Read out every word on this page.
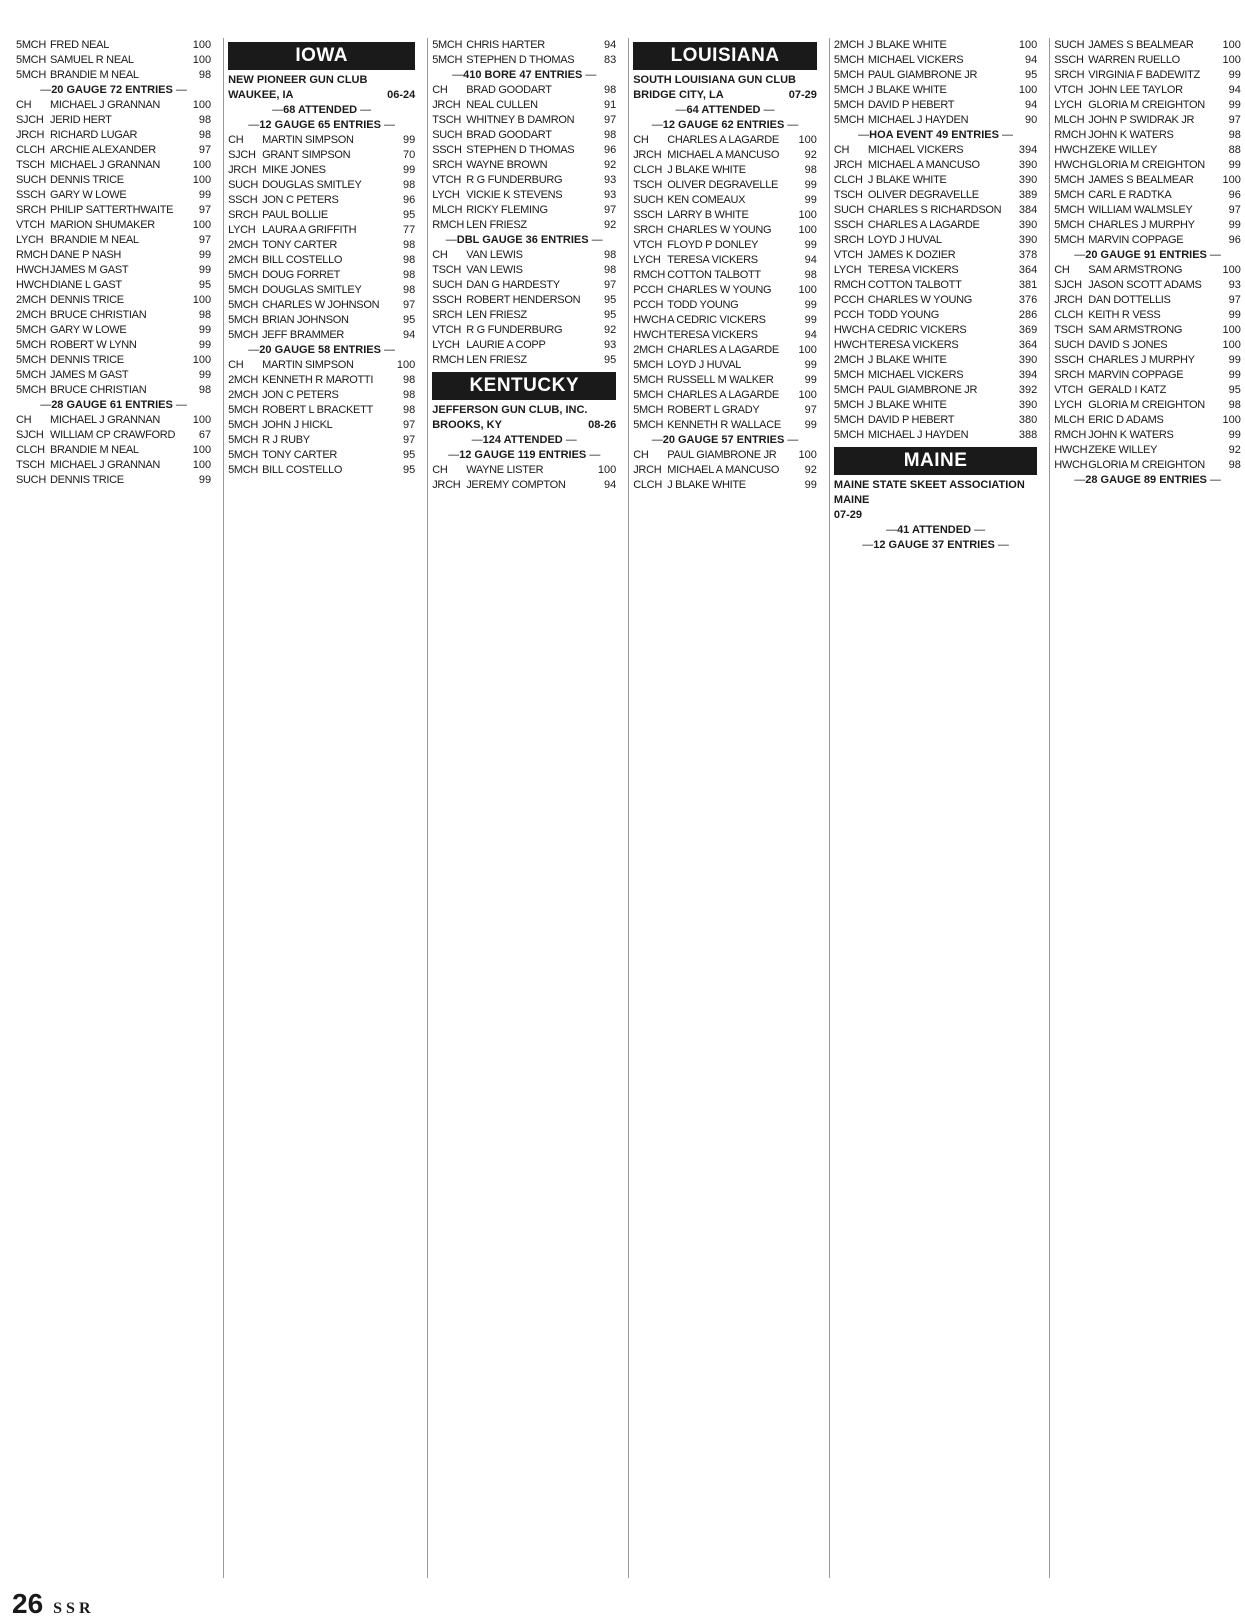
5MCH FRED NEAL	100
5MCH SAMUEL R NEAL	100
5MCH BRANDIE M NEAL	98
— 20 GAUGE 72 ENTRIES —
CH	MICHAEL J GRANNAN	100
SJCH JERID HERT	98
JRCH RICHARD LUGAR	98
CLCH ARCHIE ALEXANDER	97
TSCH MICHAEL J GRANNAN	100
SUCH DENNIS TRICE	100
SSCH GARY W LOWE	99
SRCH PHILIP SATTERTHWAITE	97
VTCH MARION SHUMAKER	100
LYCH BRANDIE M NEAL	97
RMCH DANE P NASH	99
HWCH JAMES M GAST	99
HWCH DIANE L GAST	95
2MCH DENNIS TRICE	100
2MCH BRUCE CHRISTIAN	98
5MCH GARY W LOWE	99
5MCH ROBERT W LYNN	99
5MCH DENNIS TRICE	100
5MCH JAMES M GAST	99
5MCH BRUCE CHRISTIAN	98
— 28 GAUGE 61 ENTRIES —
CH	MICHAEL J GRANNAN	100
SJCH WILLIAM CP CRAWFORD	67
CLCH BRANDIE M NEAL	100
TSCH MICHAEL J GRANNAN	100
SUCH DENNIS TRICE	99
IOWA
NEW PIONEER GUN CLUB
WAUKEE, IA	06-24
— 68 ATTENDED —
— 12 GAUGE 65 ENTRIES —
CH	MARTIN SIMPSON	99
SJCH GRANT SIMPSON	70
JRCH MIKE JONES	99
SUCH DOUGLAS SMITLEY	98
SSCH JON C PETERS	96
SRCH PAUL BOLLIE	95
LYCH LAURA A GRIFFITH	77
2MCH TONY CARTER	98
2MCH BILL COSTELLO	98
5MCH DOUG FORRET	98
5MCH DOUGLAS SMITLEY	98
5MCH CHARLES W JOHNSON	97
5MCH BRIAN JOHNSON	95
5MCH JEFF BRAMMER	94
— 20 GAUGE 58 ENTRIES —
CH	MARTIN SIMPSON	100
2MCH KENNETH R MAROTTI	98
2MCH JON C PETERS	98
5MCH ROBERT L BRACKETT	98
5MCH JOHN J HICKL	97
5MCH R J RUBY	97
5MCH TONY CARTER	95
5MCH BILL COSTELLO	95
5MCH CHRIS HARTER	94
5MCH STEPHEN D THOMAS	83
— 410 BORE 47 ENTRIES —
CH	BRAD GOODART	98
JRCH NEAL CULLEN	91
TSCH WHITNEY B DAMRON	97
SUCH BRAD GOODART	98
SSCH STEPHEN D THOMAS	96
SRCH WAYNE BROWN	92
VTCH R G FUNDERBURG	93
LYCH VICKIE K STEVENS	93
MLCH RICKY FLEMING	97
RMCH LEN FRIESZ	92
— DBL GAUGE 36 ENTRIES —
CH	VAN LEWIS	98
TSCH VAN LEWIS	98
SUCH DAN G HARDESTY	97
SSCH ROBERT HENDERSON	95
SRCH LEN FRIESZ	95
VTCH R G FUNDERBURG	92
LYCH LAURIE A COPP	93
RMCH LEN FRIESZ	95
KENTUCKY
JEFFERSON GUN CLUB, INC.
BROOKS, KY	08-26
— 124 ATTENDED —
— 12 GAUGE 119 ENTRIES —
CH	WAYNE LISTER	100
JRCH JEREMY COMPTON	94
LOUISIANA
SOUTH LOUISIANA GUN CLUB
BRIDGE CITY, LA	07-29
— 64 ATTENDED —
— 12 GAUGE 62 ENTRIES —
CH	CHARLES A LAGARDE	100
JRCH MICHAEL A MANCUSO	92
CLCH J BLAKE WHITE	98
TSCH OLIVER DEGRAVELLE	99
SUCH KEN COMEAUX	99
SSCH LARRY B WHITE	100
SRCH CHARLES W YOUNG	100
VTCH FLOYD P DONLEY	99
LYCH TERESA VICKERS	94
RMCH COTTON TALBOTT	98
PCCH CHARLES W YOUNG	100
PCCH TODD YOUNG	99
HWCH A CEDRIC VICKERS	99
HWCH TERESA VICKERS	94
2MCH CHARLES A LAGARDE	100
5MCH LOYD J HUVAL	99
5MCH RUSSELL M WALKER	99
5MCH CHARLES A LAGARDE	100
5MCH ROBERT L GRADY	97
5MCH KENNETH R WALLACE	99
— 20 GAUGE 57 ENTRIES —
CH	PAUL GIAMBRONE JR	100
JRCH MICHAEL A MANCUSO	92
CLCH J BLAKE WHITE	99
2MCH J BLAKE WHITE	100
5MCH MICHAEL VICKERS	94
5MCH PAUL GIAMBRONE JR	95
5MCH J BLAKE WHITE	100
5MCH DAVID P HEBERT	94
5MCH MICHAEL J HAYDEN	90
— HOA EVENT 49 ENTRIES —
CH	MICHAEL VICKERS	394
JRCH MICHAEL A MANCUSO	390
CLCH J BLAKE WHITE	390
TSCH OLIVER DEGRAVELLE	389
SUCH CHARLES S RICHARDSON	384
SSCH CHARLES A LAGARDE	390
SRCH LOYD J HUVAL	390
VTCH JAMES K DOZIER	378
LYCH TERESA VICKERS	364
RMCH COTTON TALBOTT	381
PCCH CHARLES W YOUNG	376
PCCH TODD YOUNG	286
HWCH A CEDRIC VICKERS	369
HWCH TERESA VICKERS	364
2MCH J BLAKE WHITE	390
5MCH MICHAEL VICKERS	394
5MCH PAUL GIAMBRONE JR	392
5MCH J BLAKE WHITE	390
5MCH DAVID P HEBERT	380
5MCH MICHAEL J HAYDEN	388
MAINE
MAINE STATE SKEET ASSOCIATION
MAINE
07-29
— 41 ATTENDED —
— 12 GAUGE 37 ENTRIES —
SUCH JAMES S BEALMEAR	100
SSCH WARREN RUELLO	100
SRCH VIRGINIA F BADEWITZ	99
VTCH JOHN LEE TAYLOR	94
LYCH GLORIA M CREIGHTON	99
MLCH JOHN P SWIDRAK JR	97
RMCH JOHN K WATERS	98
HWCH ZEKE WILLEY	88
HWCH GLORIA M CREIGHTON	99
5MCH JAMES S BEALMEAR	100
5MCH CARL E RADTKA	96
5MCH WILLIAM WALMSLEY	97
5MCH CHARLES J MURPHY	99
5MCH MARVIN COPPAGE	96
— 20 GAUGE 91 ENTRIES —
CH	SAM ARMSTRONG	100
SJCH JASON SCOTT ADAMS	93
JRCH DAN DOTTELLIS	97
CLCH KEITH R VESS	99
TSCH SAM ARMSTRONG	100
SUCH DAVID S JONES	100
SSCH CHARLES J MURPHY	99
SRCH MARVIN COPPAGE	99
VTCH GERALD I KATZ	95
LYCH GLORIA M CREIGHTON	98
MLCH ERIC D ADAMS	100
RMCH JOHN K WATERS	99
HWCH ZEKE WILLEY	92
HWCH GLORIA M CREIGHTON	98
— 28 GAUGE 89 ENTRIES —
26 SSR
